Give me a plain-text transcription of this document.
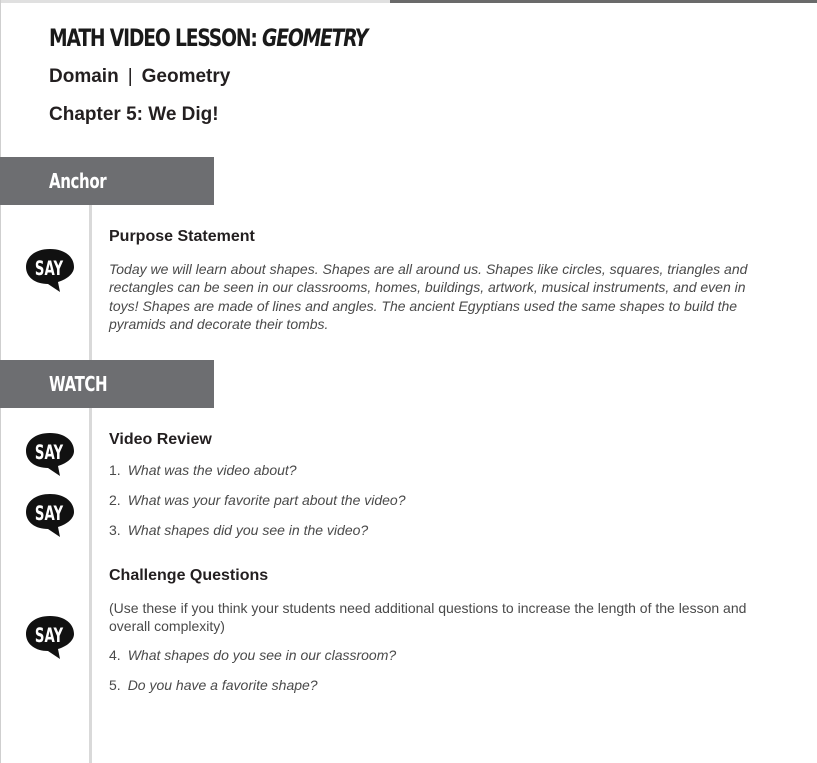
MATH VIDEO LESSON: GEOMETRY
Domain | Geometry
Chapter 5: We Dig!
Anchor
SAY
Purpose Statement

Today we will learn about shapes. Shapes are all around us. Shapes like circles, squares, triangles and rectangles can be seen in our classrooms, homes, buildings, artwork, musical instruments, and even in toys! Shapes are made of lines and angles. The ancient Egyptians used the same shapes to build the pyramids and decorate their tombs.

WATCH
SAY
SAY
Video Review
1. What was the video about?
2. What was your favorite part about the video?
3. What shapes did you see in the video?
Challenge Questions

(Use these if you think your students need additional questions to increase the length of the lesson and overall complexity)

SAY
4. What shapes do you see in our classroom?
5. Do you have a favorite shape?
